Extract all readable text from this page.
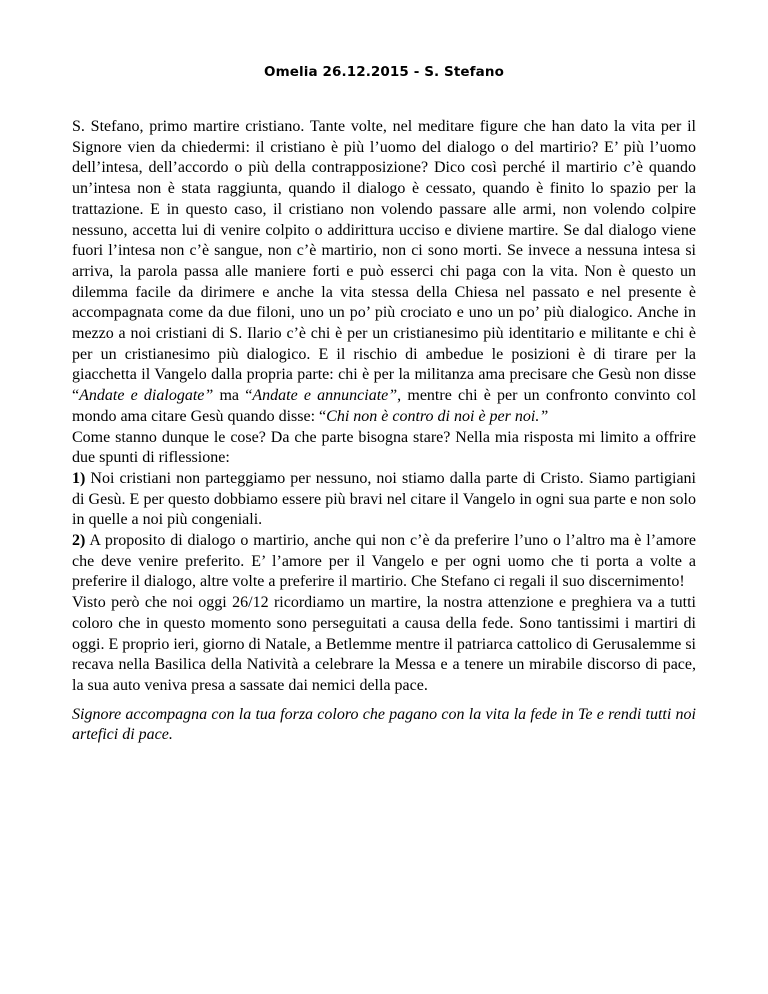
Omelia 26.12.2015 - S. Stefano

S. Stefano, primo martire cristiano. Tante volte, nel meditare figure che han dato la vita per il Signore vien da chiedermi: il cristiano è più l’uomo del dialogo o del martirio? E’ più l’uomo dell’intesa, dell’accordo o più della contrapposizione? Dico così perché il martirio c’è quando un’intesa non è stata raggiunta, quando il dialogo è cessato, quando è finito lo spazio per la trattazione. E in questo caso, il cristiano non volendo passare alle armi, non volendo colpire nessuno, accetta lui di venire colpito o addirittura ucciso e diviene martire. Se dal dialogo viene fuori l’intesa non c’è sangue, non c’è martirio, non ci sono morti. Se invece a nessuna intesa si arriva, la parola passa alle maniere forti e può esserci chi paga con la vita. Non è questo un dilemma facile da dirimere e anche la vita stessa della Chiesa nel passato e nel presente è accompagnata come da due filoni, uno un po’ più crociato e uno un po’ più dialogico. Anche in mezzo a noi cristiani di S. Ilario c’è chi è per un cristianesimo più identitario e militante e chi è per un cristianesimo più dialogico. E il rischio di ambedue le posizioni è di tirare per la giacchetta il Vangelo dalla propria parte: chi è per la militanza ama precisare che Gesù non disse “Andate e dialogate” ma “Andate e annunciate”, mentre chi è per un confronto convinto col mondo ama citare Gesù quando disse: “Chi non è contro di noi è per noi.”

Come stanno dunque le cose? Da che parte bisogna stare? Nella mia risposta mi limito a offrire due spunti di riflessione:

1) Noi cristiani non parteggiamo per nessuno, noi stiamo dalla parte di Cristo. Siamo partigiani di Gesù. E per questo dobbiamo essere più bravi nel citare il Vangelo in ogni sua parte e non solo in quelle a noi più congeniali.

2) A proposito di dialogo o martirio, anche qui non c’è da preferire l’uno o l’altro ma è l’amore che deve venire preferito. E’ l’amore per il Vangelo e per ogni uomo che ti porta a volte a preferire il dialogo, altre volte a preferire il martirio. Che Stefano ci regali il suo discernimento!

Visto però che noi oggi 26/12 ricordiamo un martire, la nostra attenzione e preghiera va a tutti coloro che in questo momento sono perseguitati a causa della fede. Sono tantissimi i martiri di oggi. E proprio ieri, giorno di Natale, a Betlemme mentre il patriarca cattolico di Gerusalemme si recava nella Basilica della Natività a celebrare la Messa e a tenere un mirabile discorso di pace, la sua auto veniva presa a sassate dai nemici della pace.

Signore accompagna con la tua forza coloro che pagano con la vita la fede in Te e rendi tutti noi artefici di pace.
